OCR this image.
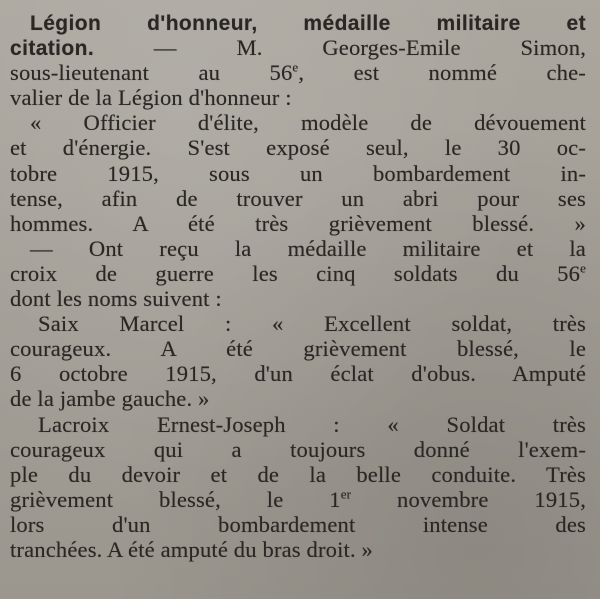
Légion d'honneur, médaille militaire et
citation. — M. Georges-Emile Simon,
sous-lieutenant au 56e, est nommé che-
valier de la Légion d'honneur :
« Officier d'élite, modèle de dévouement
et d'énergie. S'est exposé seul, le 30 oc-
tobre 1915, sous un bombardement in-
tense, afin de trouver un abri pour ses
hommes. A été très grièvement blessé. »
— Ont reçu la médaille militaire et la
croix de guerre les cinq soldats du 56e
dont les noms suivent :
Saix Marcel : « Excellent soldat, très
courageux. A été grièvement blessé, le
6 octobre 1915, d'un éclat d'obus. Amputé
de la jambe gauche. »
Lacroix Ernest-Joseph : « Soldat très
courageux qui a toujours donné l'exem-
ple du devoir et de la belle conduite. Très
grièvement blessé, le 1er novembre 1915,
lors d'un bombardement intense des
tranchées. A été amputé du bras droit. »
